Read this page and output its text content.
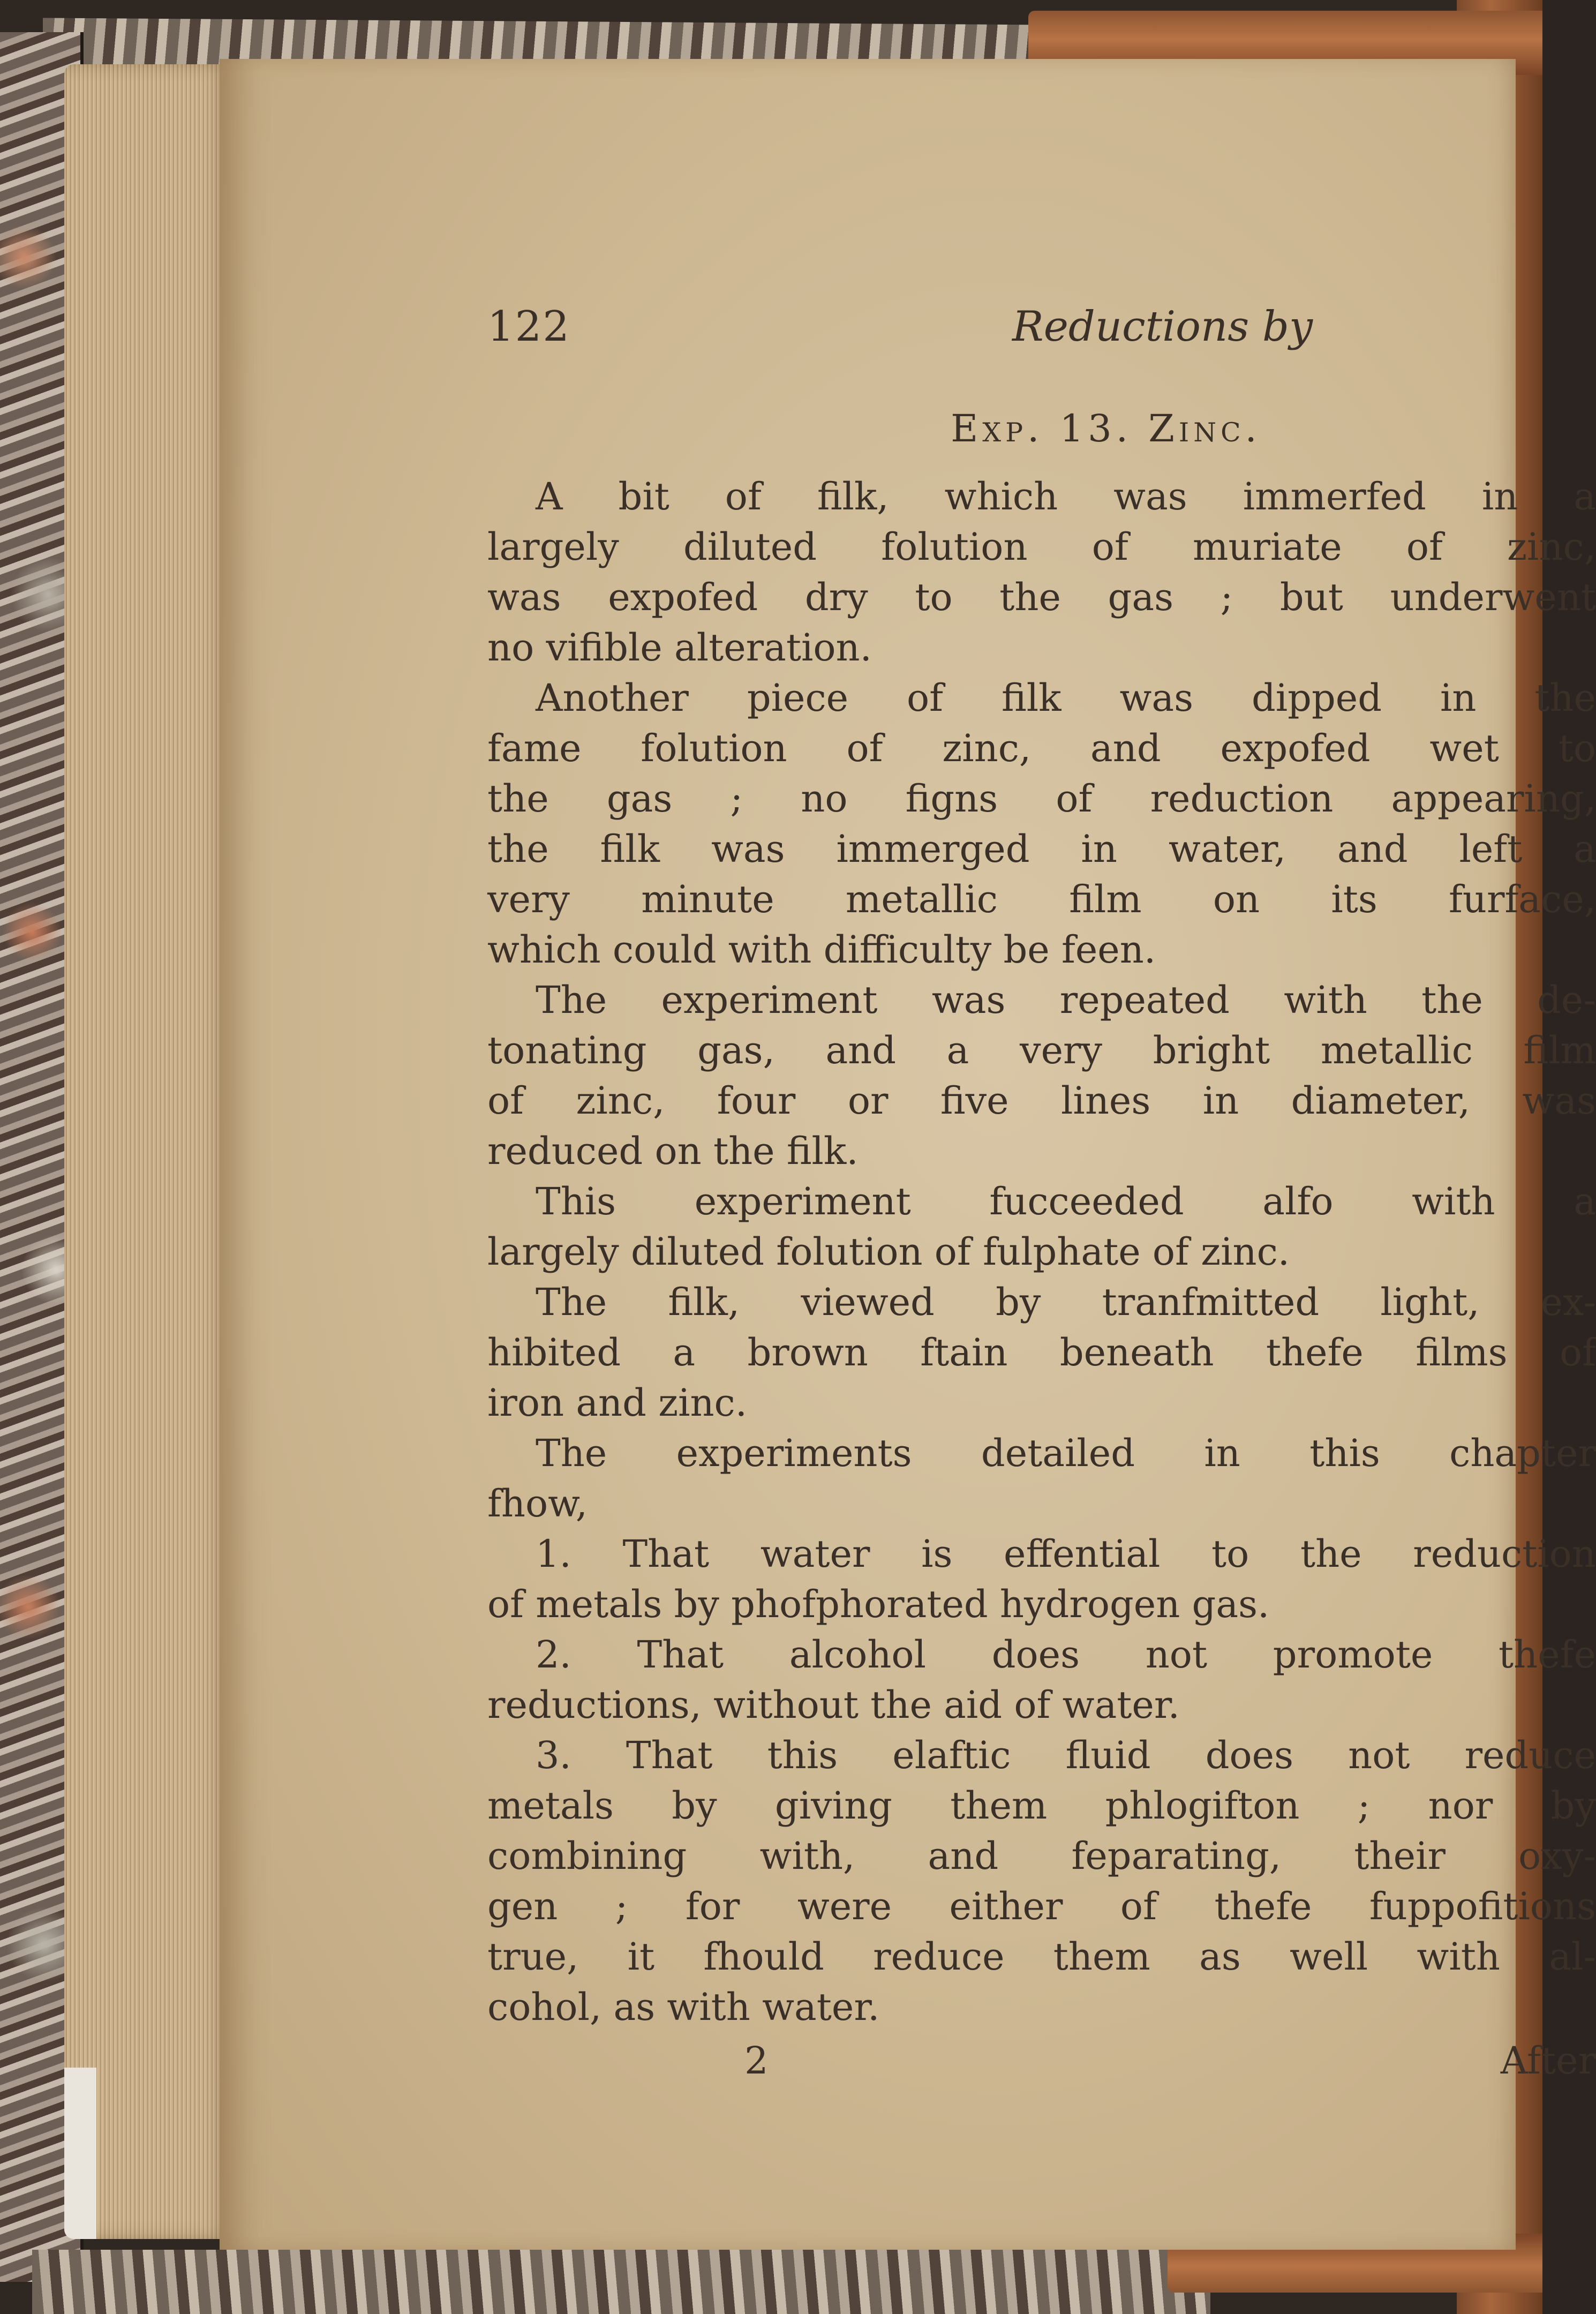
122	Reductions by
Exp. 13. Zinc.

A bit of filk, which was immerfed in a
largely diluted folution of muriate of zinc,
was expofed dry to the gas ; but underwent
no vifible alteration.

Another piece of filk was dipped in the
fame folution of zinc, and expofed wet to
the gas ; no figns of reduction appearing,
the filk was immerged in water, and left a
very minute metallic film on its furface,
which could with difficulty be feen.

The experiment was repeated with the de-
tonating gas, and a very bright metallic film
of zinc, four or five lines in diameter, was
reduced on the filk.

This experiment fucceeded alfo with a
largely diluted folution of fulphate of zinc.

The filk, viewed by tranfmitted light, ex-
hibited a brown ftain beneath thefe films of
iron and zinc.

The experiments detailed in this chapter
fhow,

1. That water is effential to the reduction
of metals by phofphorated hydrogen gas.

2. That alcohol does not promote thefe
reductions, without the aid of water.

3. That this elaftic fluid does not reduce
metals by giving them phlogifton ; nor by
combining with, and feparating, their oxy-
gen ; for were either of thefe fuppofitions
true, it fhould reduce them as well with al-
cohol, as with water.

2	After
